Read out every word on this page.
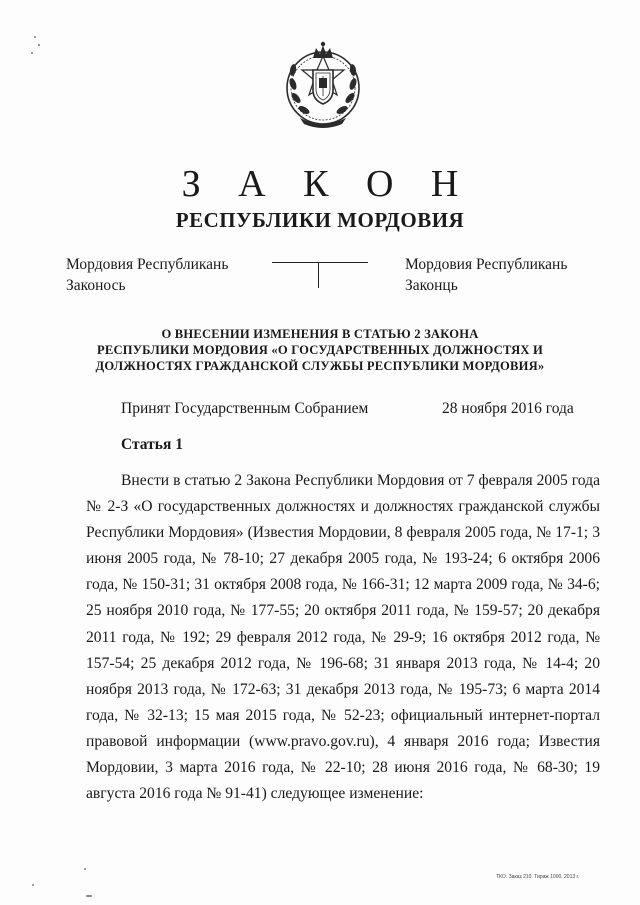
З А К О Н
РЕСПУБЛИКИ МОРДОВИЯ
Мордовия Республикань
Законось
Мордовия Республикань
Законць
О ВНЕСЕНИИ ИЗМЕНЕНИЯ В СТАТЬЮ 2 ЗАКОНА
РЕСПУБЛИКИ МОРДОВИЯ «О ГОСУДАРСТВЕННЫХ ДОЛЖНОСТЯХ И
ДОЛЖНОСТЯХ ГРАЖДАНСКОЙ СЛУЖБЫ РЕСПУБЛИКИ МОРДОВИЯ»
Принят Государственным Собранием	28 ноября 2016 года
Статья 1

Внести в статью 2 Закона Республики Мордовия от 7 февраля 2005 года № 2-З «О государственных должностях и должностях гражданской службы Республики Мордовия» (Известия Мордовии, 8 февраля 2005 года, № 17-1; 3 июня 2005 года, № 78-10; 27 декабря 2005 года, № 193-24; 6 октября 2006 года, № 150-31; 31 октября 2008 года, № 166-31; 12 марта 2009 года, № 34-6; 25 ноября 2010 года, № 177-55; 20 октября 2011 года, № 159-57; 20 декабря 2011 года, № 192; 29 февраля 2012 года, № 29-9; 16 октября 2012 года, № 157-54; 25 декабря 2012 года, № 196-68; 31 января 2013 года, № 14-4; 20 ноября 2013 года, № 172-63; 31 декабря 2013 года, № 195-73; 6 марта 2014 года, № 32-13; 15 мая 2015 года, № 52-23; официальный интернет-портал правовой информации (www.pravo.gov.ru), 4 января 2016 года; Известия Мордовии, 3 марта 2016 года, № 22-10; 28 июня 2016 года, № 68-30; 19 августа 2016 года № 91-41) следующее изменение:

ТКО. Заказ 210. Тираж 1000. 2013 г.
